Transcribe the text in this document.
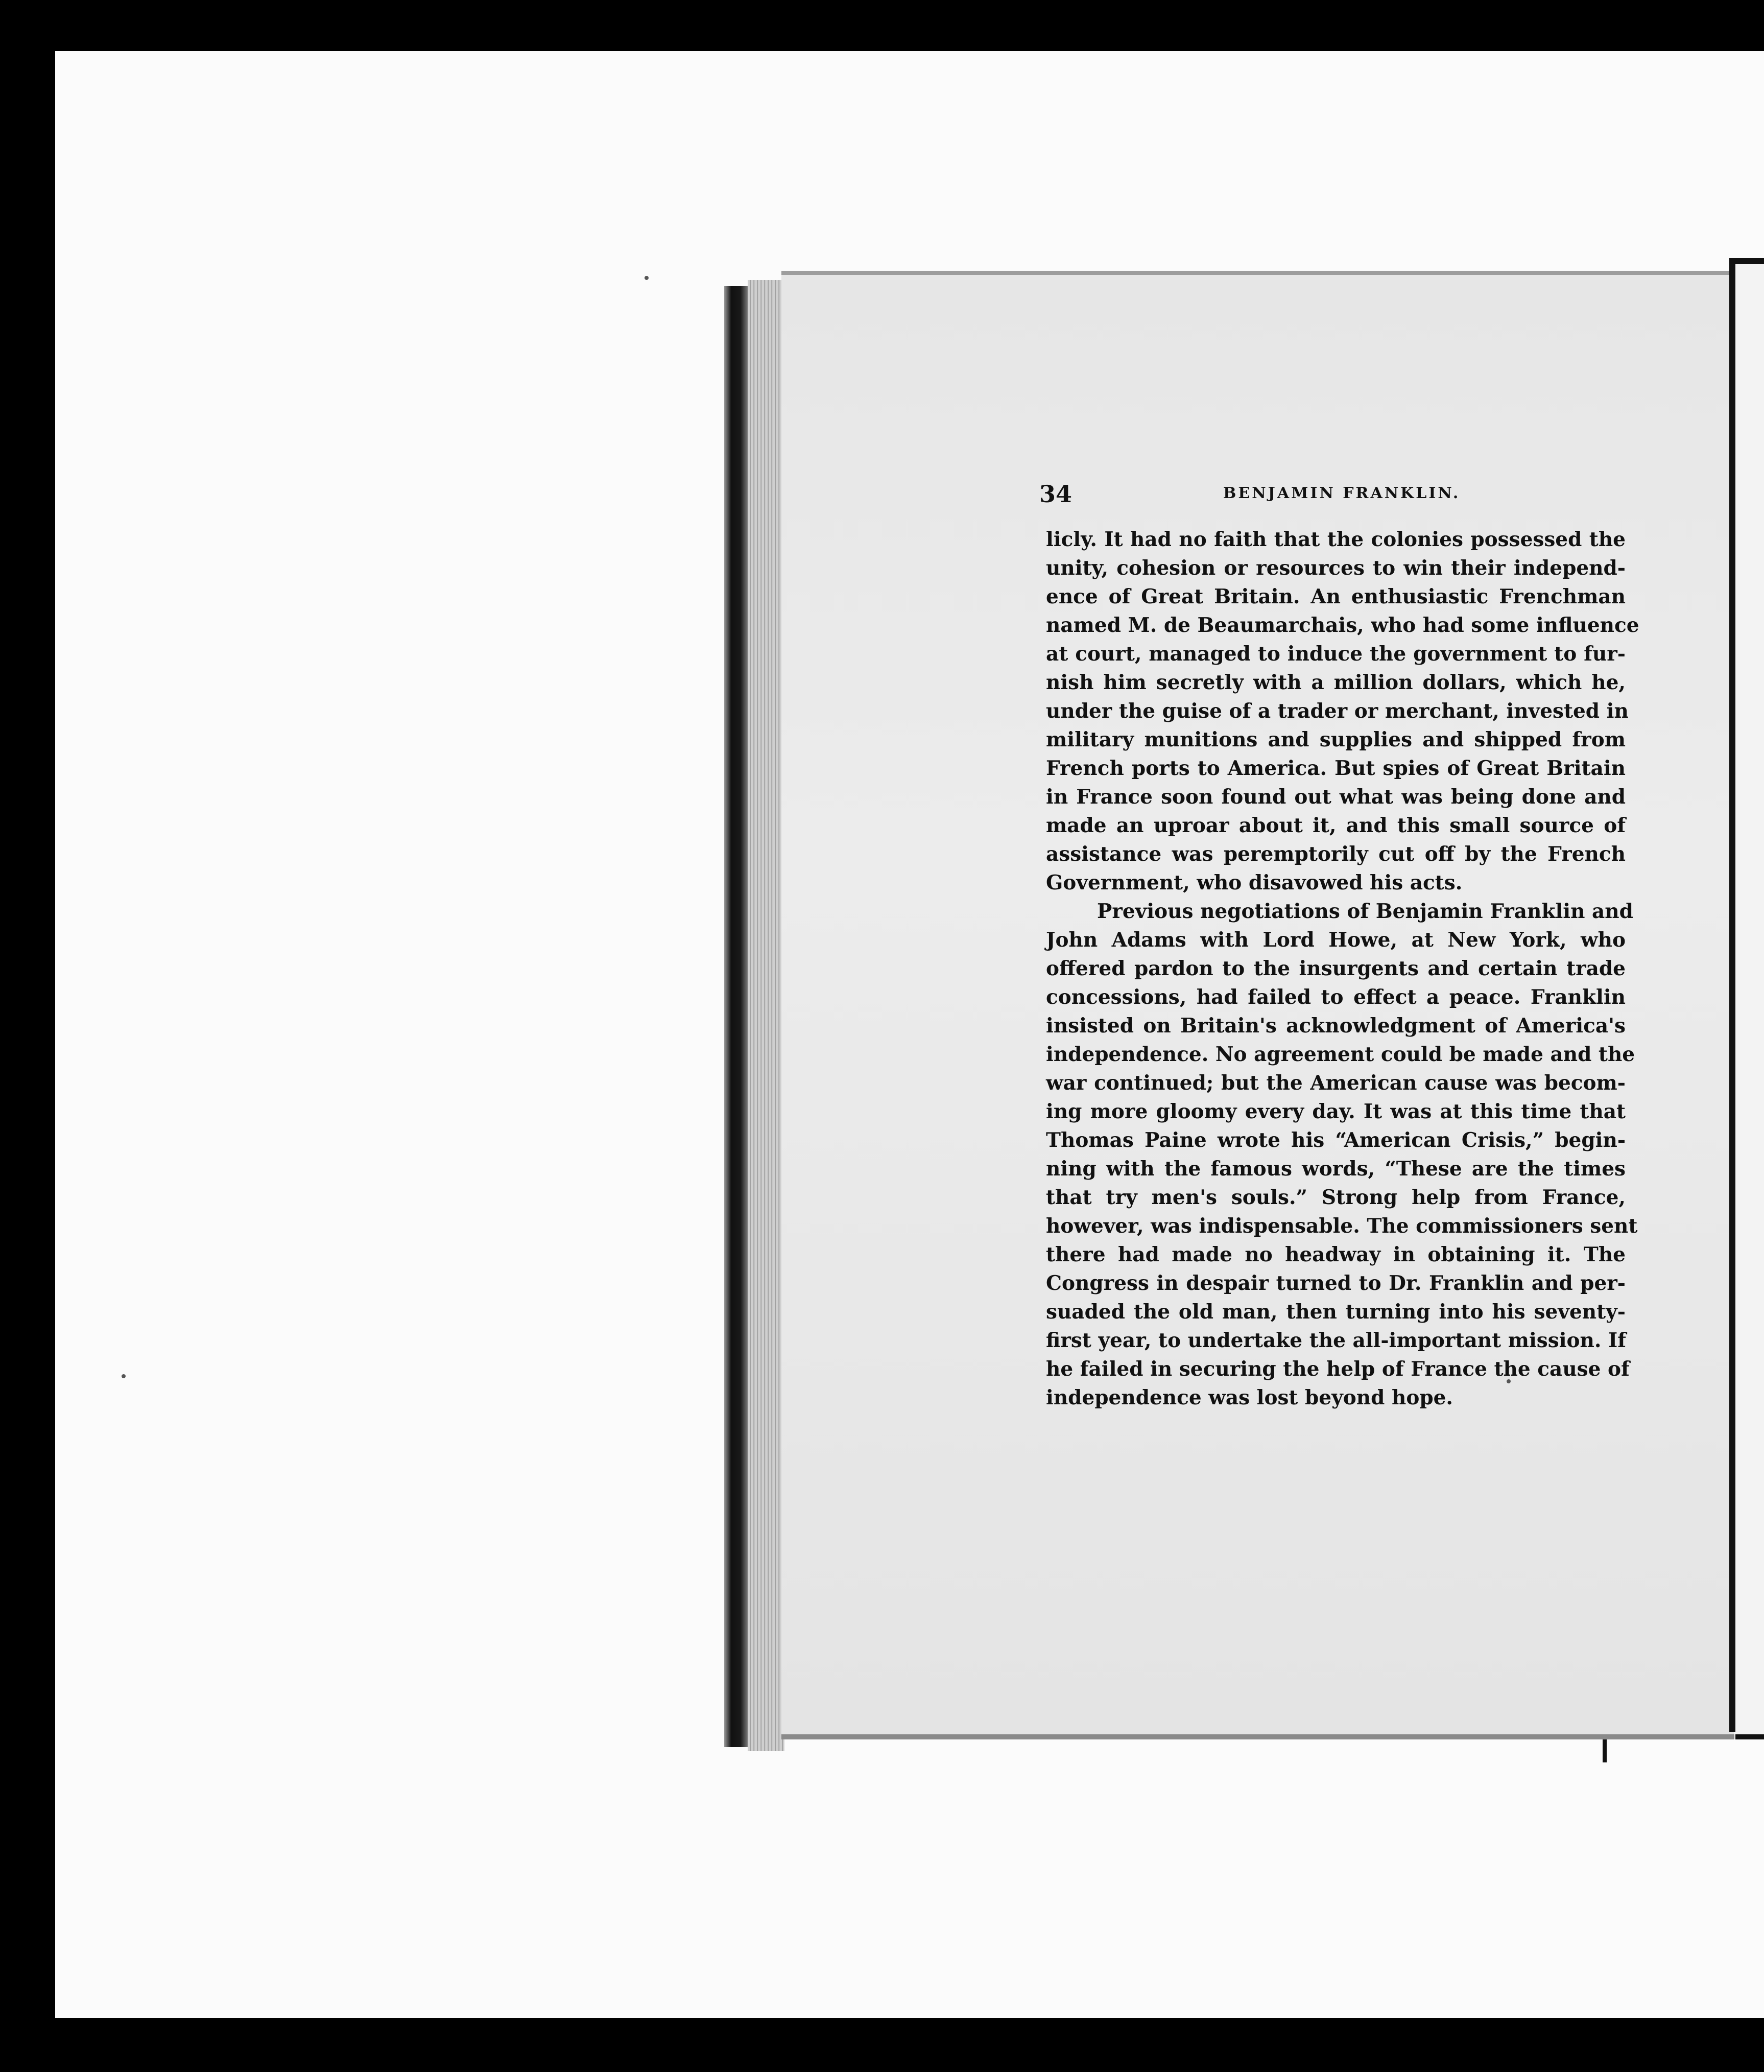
34	BENJAMIN FRANKLIN.
licly. It had no faith that the colonies possessed the
unity, cohesion or resources to win their independ-
ence of Great Britain. An enthusiastic Frenchman
named M. de Beaumarchais, who had some influence
at court, managed to induce the government to fur-
nish him secretly with a million dollars, which he,
under the guise of a trader or merchant, invested in
military munitions and supplies and shipped from
French ports to America. But spies of Great Britain
in France soon found out what was being done and
made an uproar about it, and this small source of
assistance was peremptorily cut off by the French
Government, who disavowed his acts.
Previous negotiations of Benjamin Franklin and
John Adams with Lord Howe, at New York, who
offered pardon to the insurgents and certain trade
concessions, had failed to effect a peace. Franklin
insisted on Britain's acknowledgment of America's
independence. No agreement could be made and the
war continued; but the American cause was becom-
ing more gloomy every day. It was at this time that
Thomas Paine wrote his “American Crisis,” begin-
ning with the famous words, “These are the times
that try men's souls.” Strong help from France,
however, was indispensable. The commissioners sent
there had made no headway in obtaining it. The
Congress in despair turned to Dr. Franklin and per-
suaded the old man, then turning into his seventy-
first year, to undertake the all-important mission. If
he failed in securing the help of France the cause of
independence was lost beyond hope.
